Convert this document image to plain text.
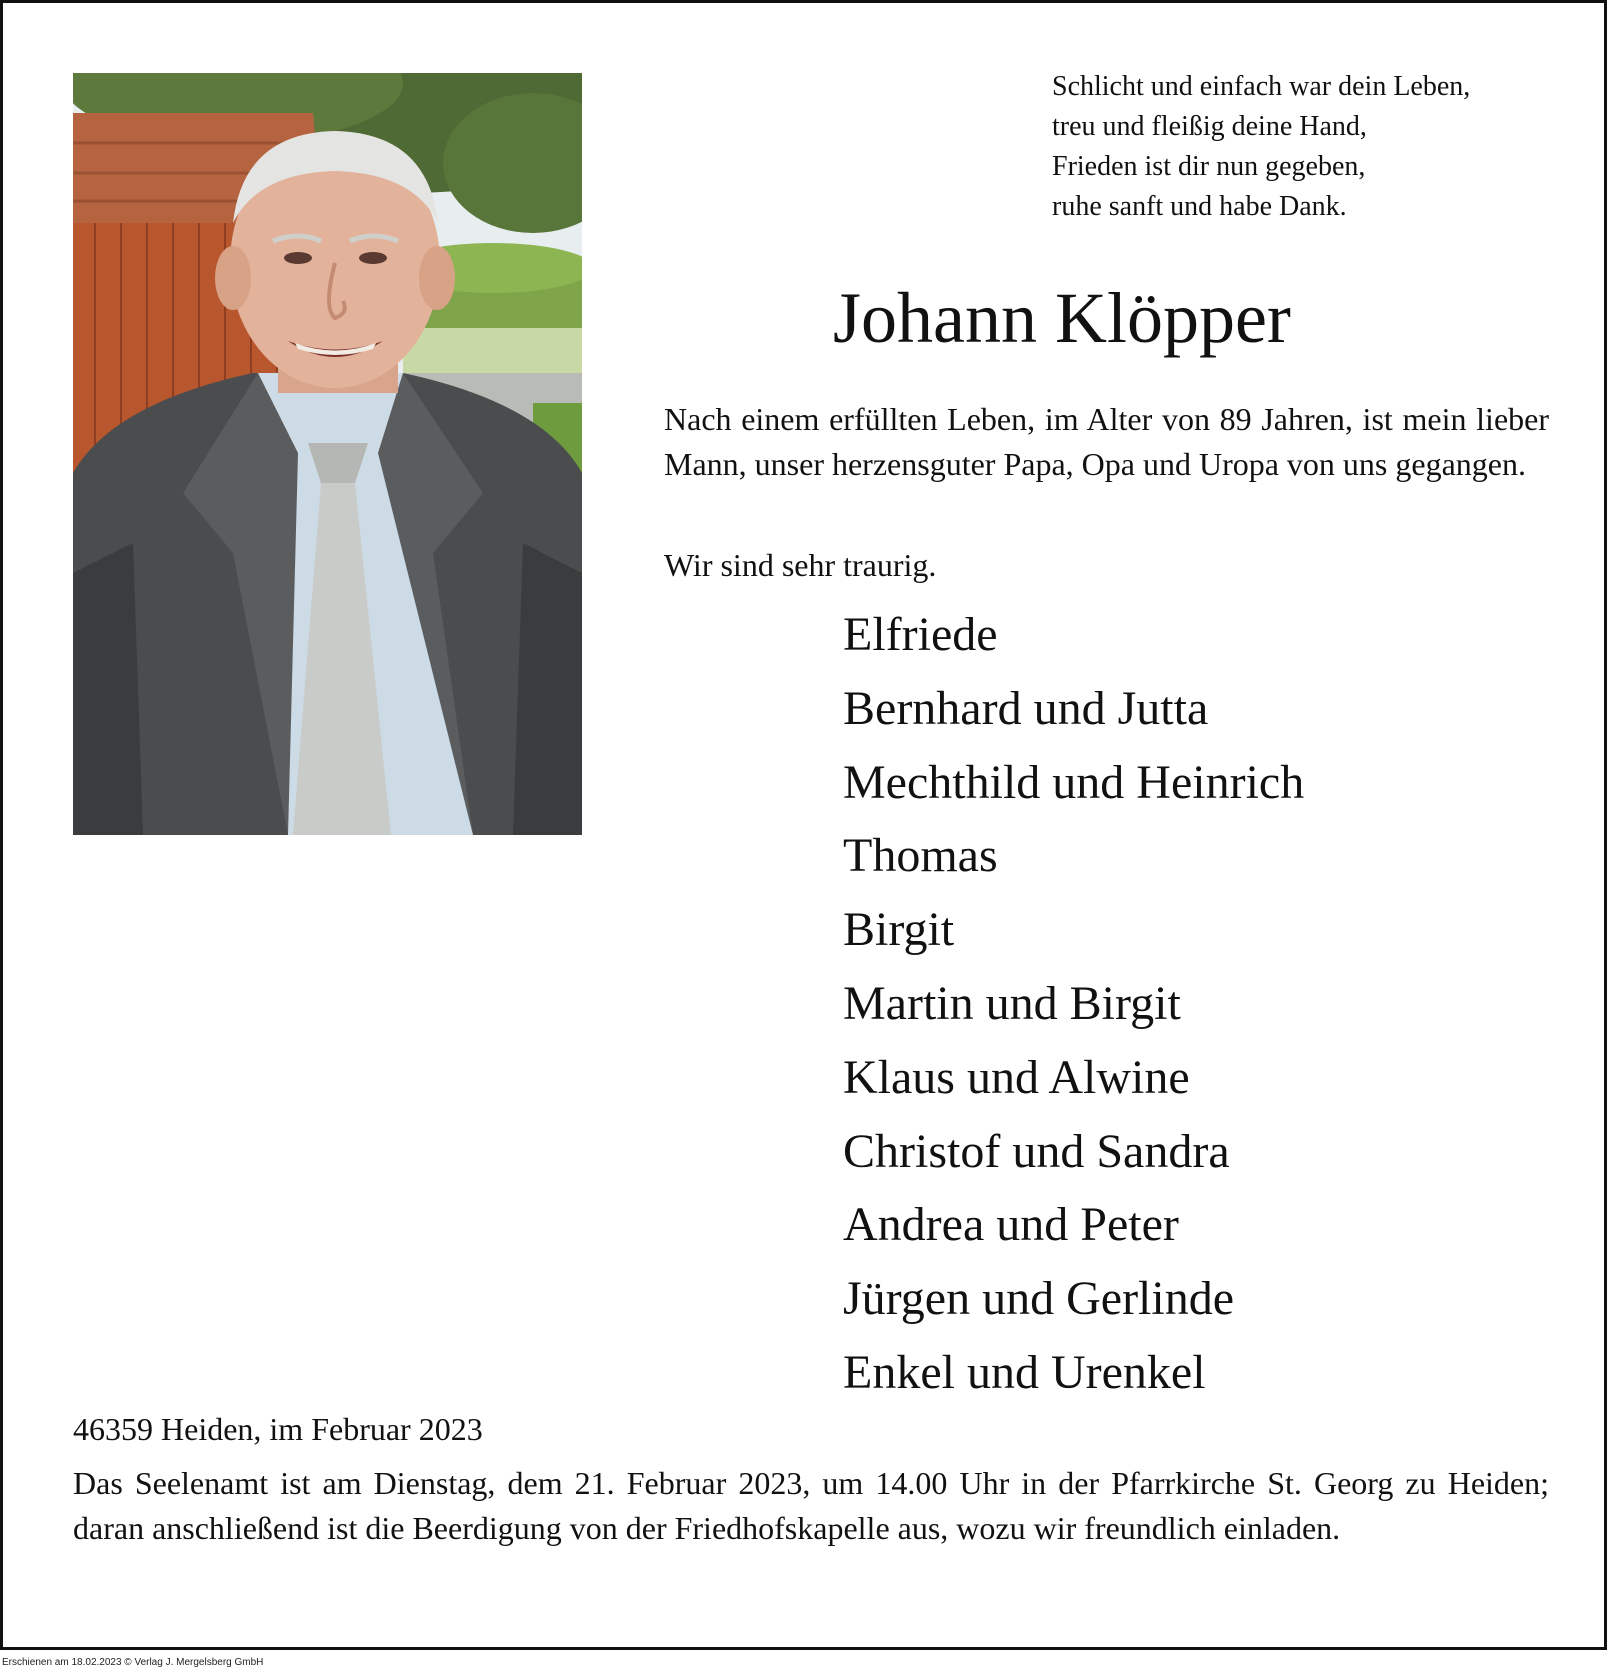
Schlicht und einfach war dein Leben,
treu und fleißig deine Hand,
Frieden ist dir nun gegeben,
ruhe sanft und habe Dank.
Johann Klöpper
Nach einem erfüllten Leben, im Alter von 89 Jahren, ist mein lieber Mann, unser herzensguter Papa, Opa und Uropa von uns gegangen.
Wir sind sehr traurig.
Elfriede
Bernhard und Jutta
Mechthild und Heinrich
Thomas
Birgit
Martin und Birgit
Klaus und Alwine
Christof und Sandra
Andrea und Peter
Jürgen und Gerlinde
Enkel und Urenkel
46359 Heiden, im Februar 2023
Das Seelenamt ist am Dienstag, dem 21. Februar 2023, um 14.00 Uhr in der Pfarrkirche St. Georg zu Heiden; daran anschließend ist die Beerdigung von der Friedhofskapelle aus, wozu wir freundlich einladen.
Erschienen am 18.02.2023 © Verlag J. Mergelsberg GmbH
